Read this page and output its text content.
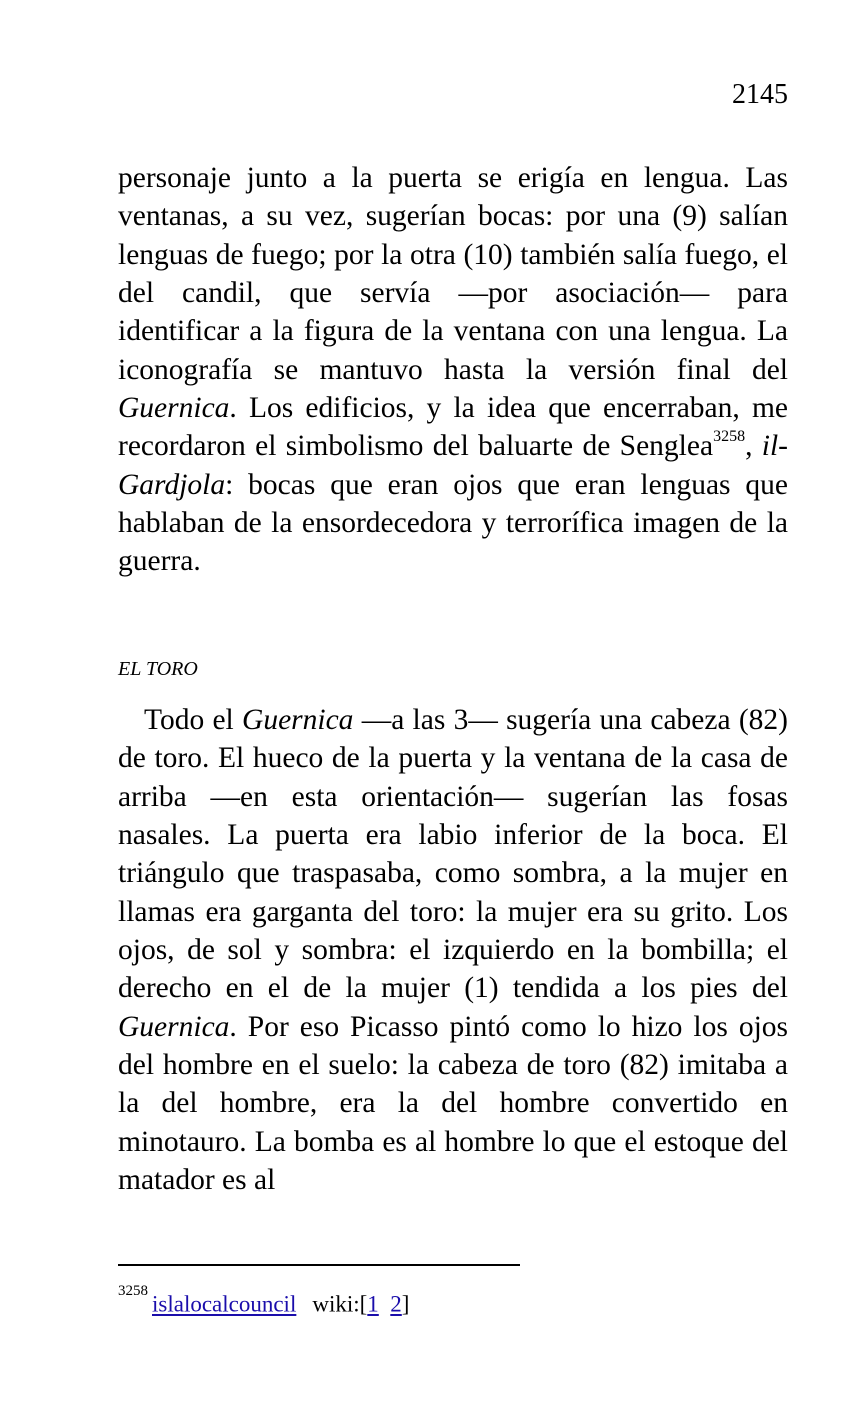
2145
personaje junto a la puerta se erigía en lengua. Las ventanas, a su vez, sugerían bocas: por una (9) salían lenguas de fuego; por la otra (10) también salía fuego, el del candil, que servía —por asociación— para identificar a la figura de la ventana con una lengua. La iconografía se mantuvo hasta la versión final del Guernica. Los edificios, y la idea que encerraban, me recordaron el simbolismo del baluarte de Senglea$^{3258}$, il-Gardjola: bocas que eran ojos que eran lenguas que hablaban de la ensordecedora y terrorífica imagen de la guerra.
EL TORO
Todo el Guernica —a las 3— sugería una cabeza (82) de toro. El hueco de la puerta y la ventana de la casa de arriba —en esta orientación— sugerían las fosas nasales. La puerta era labio inferior de la boca. El triángulo que traspasaba, como sombra, a la mujer en llamas era garganta del toro: la mujer era su grito. Los ojos, de sol y sombra: el izquierdo en la bombilla; el derecho en el de la mujer (1) tendida a los pies del Guernica. Por eso Picasso pintó como lo hizo los ojos del hombre en el suelo: la cabeza de toro (82) imitaba a la del hombre, era la del hombre convertido en minotauro. La bomba es al hombre lo que el estoque del matador es al
$^{3258}$islalocalcouncil wiki:[1 2]
